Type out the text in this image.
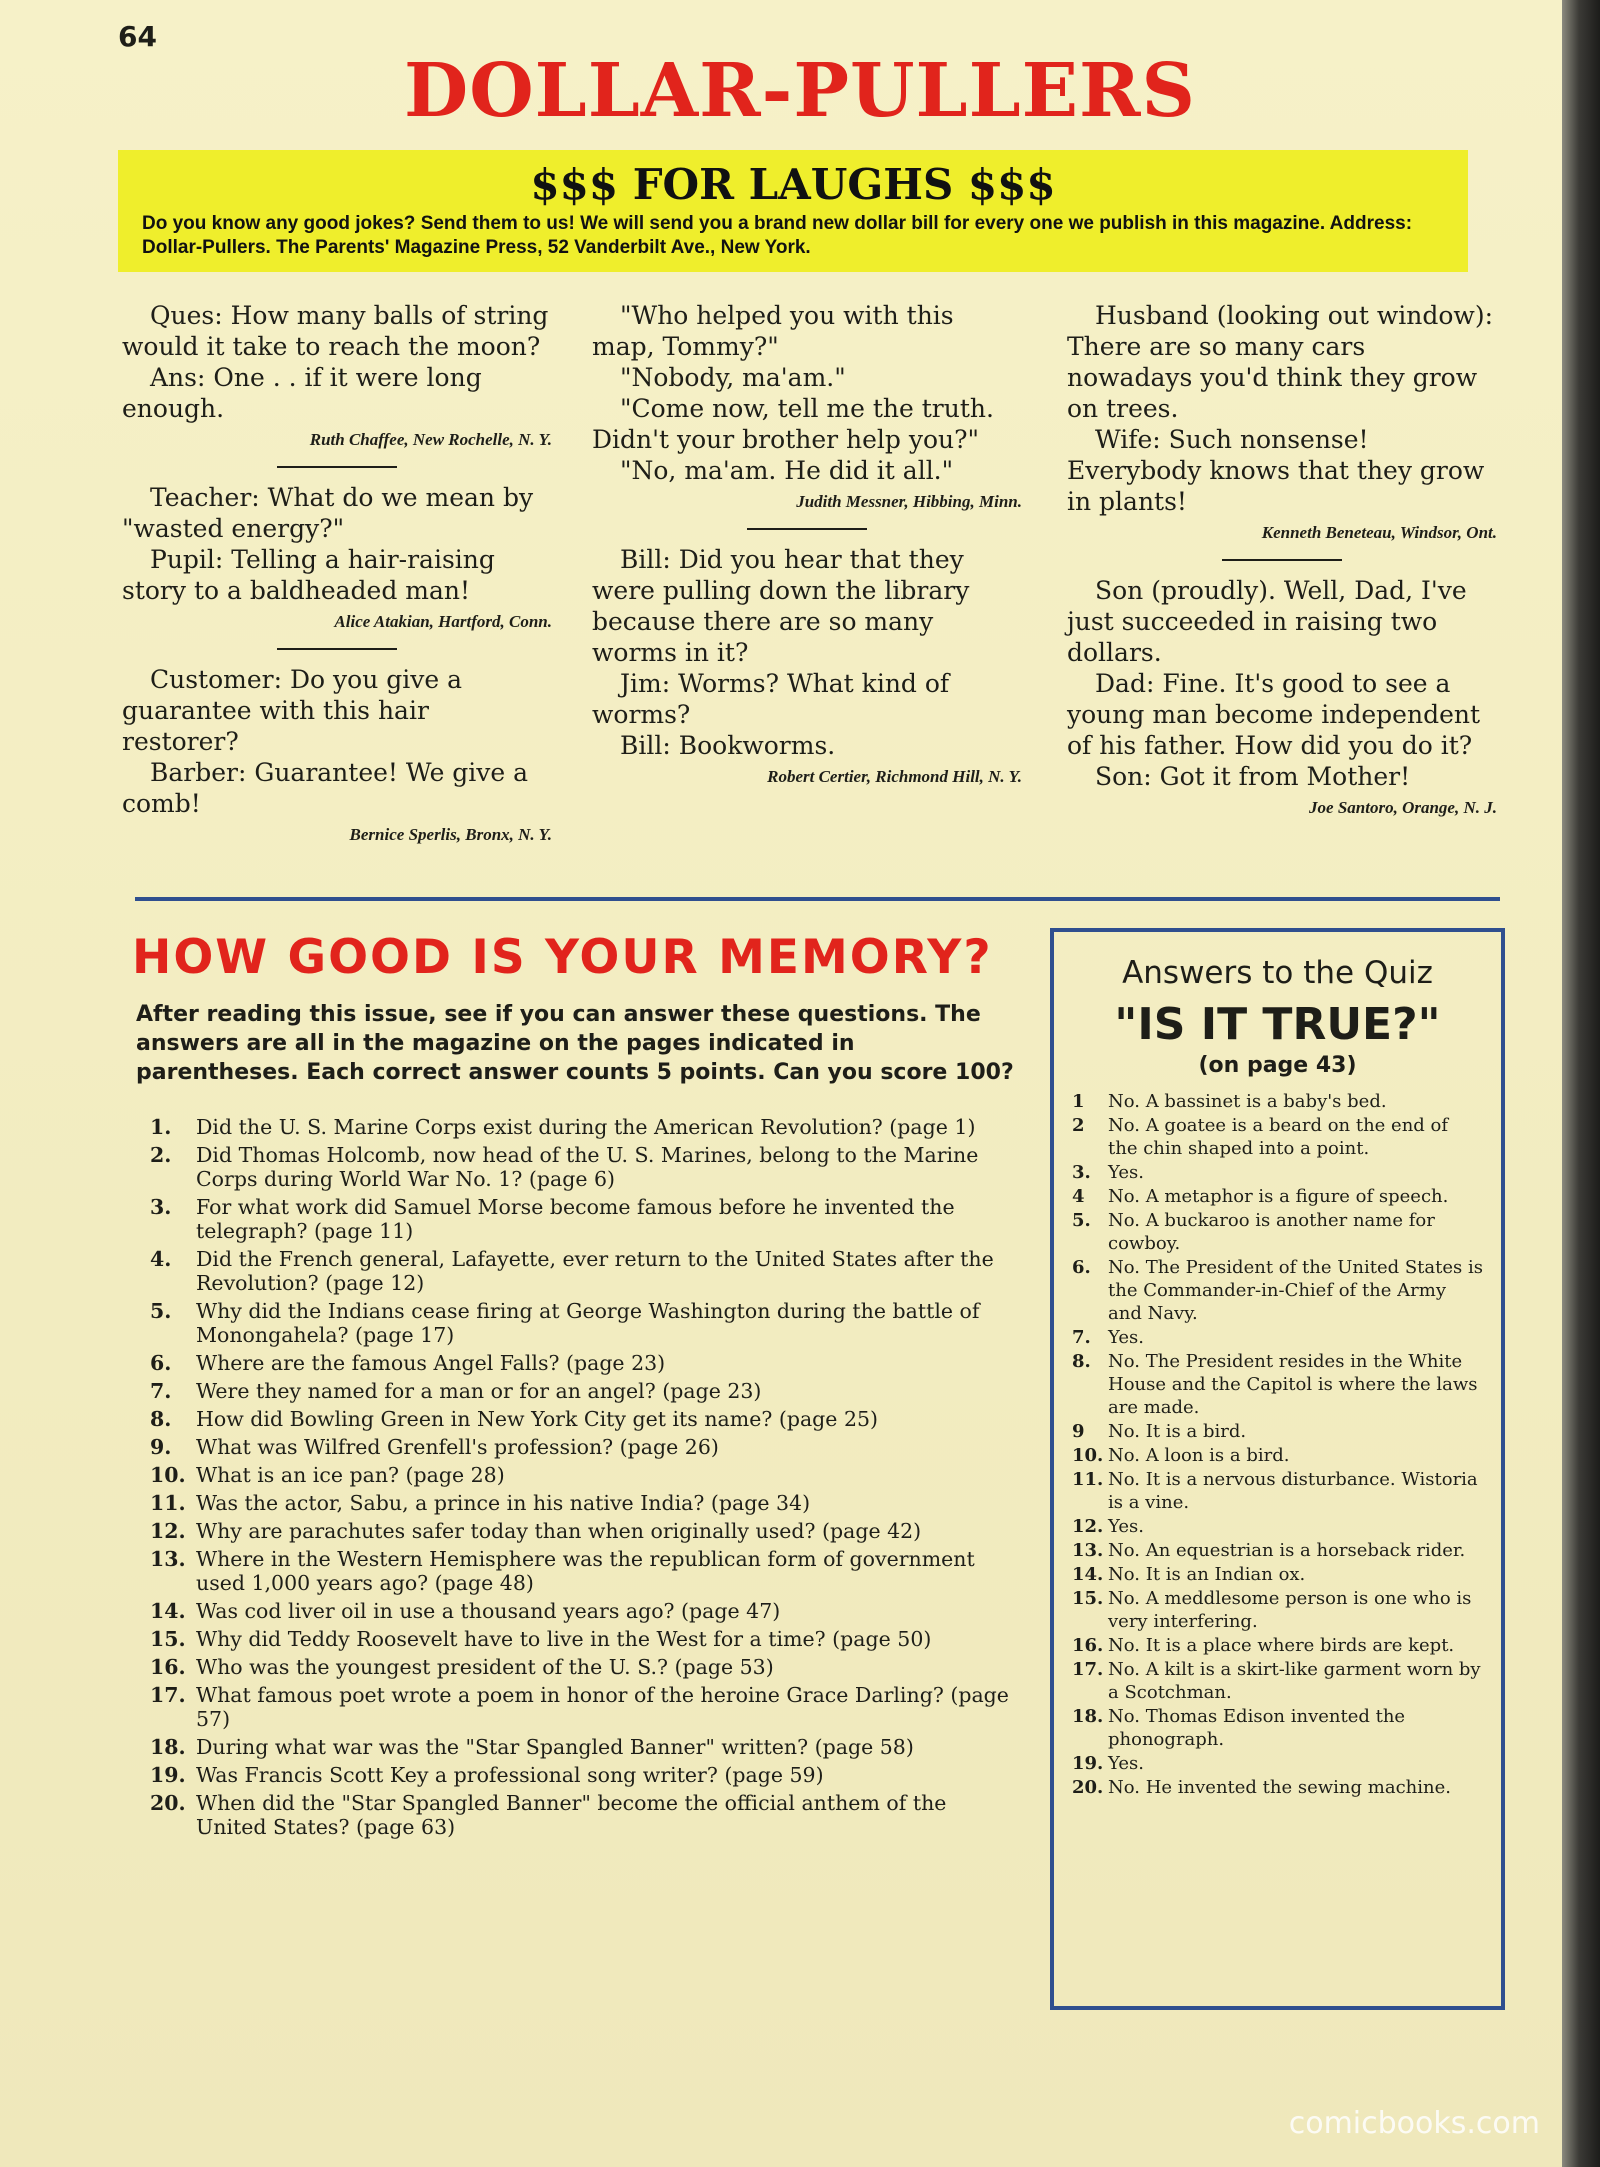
64
DOLLAR-PULLERS
$$$ FOR LAUGHS $$$
Do you know any good jokes? Send them to us! We will send you a brand new dollar bill for every one we publish in this magazine. Address: Dollar-Pullers. The Parents' Magazine Press, 52 Vanderbilt Ave., New York.

Ques: How many balls of string would it take to reach the moon?

Ans: One . . if it were long enough.

Ruth Chaffee, New Rochelle, N. Y.

Teacher: What do we mean by "wasted energy?"

Pupil: Telling a hair-raising story to a baldheaded man!

Alice Atakian, Hartford, Conn.

Customer: Do you give a guarantee with this hair restorer?

Barber: Guarantee! We give a comb!

Bernice Sperlis, Bronx, N. Y.

"Who helped you with this map, Tommy?"

"Nobody, ma'am."

"Come now, tell me the truth. Didn't your brother help you?"

"No, ma'am. He did it all."

Judith Messner, Hibbing, Minn.

Bill: Did you hear that they were pulling down the library because there are so many worms in it?

Jim: Worms? What kind of worms?

Bill: Bookworms.

Robert Certier, Richmond Hill, N. Y.

Husband (looking out window): There are so many cars nowadays you'd think they grow on trees.

Wife: Such nonsense! Everybody knows that they grow in plants!

Kenneth Beneteau, Windsor, Ont.

Son (proudly). Well, Dad, I've just succeeded in raising two dollars.

Dad: Fine. It's good to see a young man become independent of his father. How did you do it?

Son: Got it from Mother!

Joe Santoro, Orange, N. J.
HOW GOOD IS YOUR MEMORY?
After reading this issue, see if you can answer these questions. The answers are all in the magazine on the pages indicated in parentheses. Each correct answer counts 5 points. Can you score 100?
1.	Did the U. S. Marine Corps exist during the American Revolution? (page 1)
2.	Did Thomas Holcomb, now head of the U. S. Marines, belong to the Marine Corps during World War No. 1? (page 6)
3.	For what work did Samuel Morse become famous before he invented the telegraph? (page 11)
4.	Did the French general, Lafayette, ever return to the United States after the Revolution? (page 12)
5.	Why did the Indians cease firing at George Washington during the battle of Monongahela? (page 17)
6.	Where are the famous Angel Falls? (page 23)
7.	Were they named for a man or for an angel? (page 23)
8.	How did Bowling Green in New York City get its name? (page 25)
9.	What was Wilfred Grenfell's profession? (page 26)
10. What is an ice pan? (page 28)
11. Was the actor, Sabu, a prince in his native India? (page 34)
12. Why are parachutes safer today than when originally used? (page 42)
13. Where in the Western Hemisphere was the republican form of government used 1,000 years ago? (page 48)
14. Was cod liver oil in use a thousand years ago? (page 47)
15. Why did Teddy Roosevelt have to live in the West for a time? (page 50)
16. Who was the youngest president of the U. S.? (page 53)
17. What famous poet wrote a poem in honor of the heroine Grace Darling? (page 57)
18. During what war was the "Star Spangled Banner" written? (page 58)
19. Was Francis Scott Key a professional song writer? (page 59)
20. When did the "Star Spangled Banner" become the official anthem of the United States? (page 63)
Answers to the Quiz
"IS IT TRUE?"
(on page 43)
1	No. A bassinet is a baby's bed.
2	No. A goatee is a beard on the end of the chin shaped into a point.
3. Yes.
4	No. A metaphor is a figure of speech.
5. No. A buckaroo is another name for cowboy.
6. No. The President of the United States is the Commander-in-Chief of the Army and Navy.
7. Yes.
8. No. The President resides in the White House and the Capitol is where the laws are made.
9	No. It is a bird.
10. No. A loon is a bird.
11. No. It is a nervous disturbance. Wistoria is a vine.
12. Yes.
13. No. An equestrian is a horseback rider.
14. No. It is an Indian ox.
15. No. A meddlesome person is one who is very interfering.
16. No. It is a place where birds are kept.
17. No. A kilt is a skirt-like garment worn by a Scotchman.
18. No. Thomas Edison invented the phonograph.
19. Yes.
20. No. He invented the sewing machine.
comicbooks.com
